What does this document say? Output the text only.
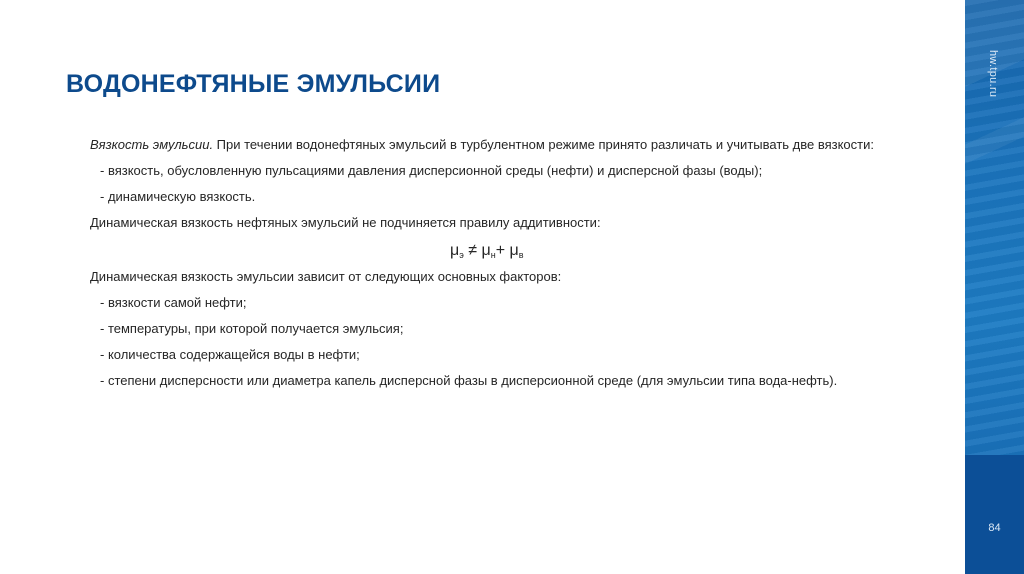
ВОДОНЕФТЯНЫЕ ЭМУЛЬСИИ
Вязкость эмульсии. При течении водонефтяных эмульсий в турбулентном режиме принято различать и учитывать две вязкости:
- вязкость, обусловленную пульсациями давления дисперсионной среды (нефти) и дисперсной фазы (воды);
- динамическую вязкость.
Динамическая вязкость нефтяных эмульсий не подчиняется правилу аддитивности:
$\mu_э \ne \mu_н+ \mu_в$
Динамическая вязкость эмульсии зависит от следующих основных факторов:
- вязкости самой нефти;
- температуры, при которой получается эмульсия;
- количества содержащейся воды в нефти;
- степени дисперсности или диаметра капель дисперсной фазы в дисперсионной среде (для эмульсии типа вода-нефть).
hw.tpu.ru
84
